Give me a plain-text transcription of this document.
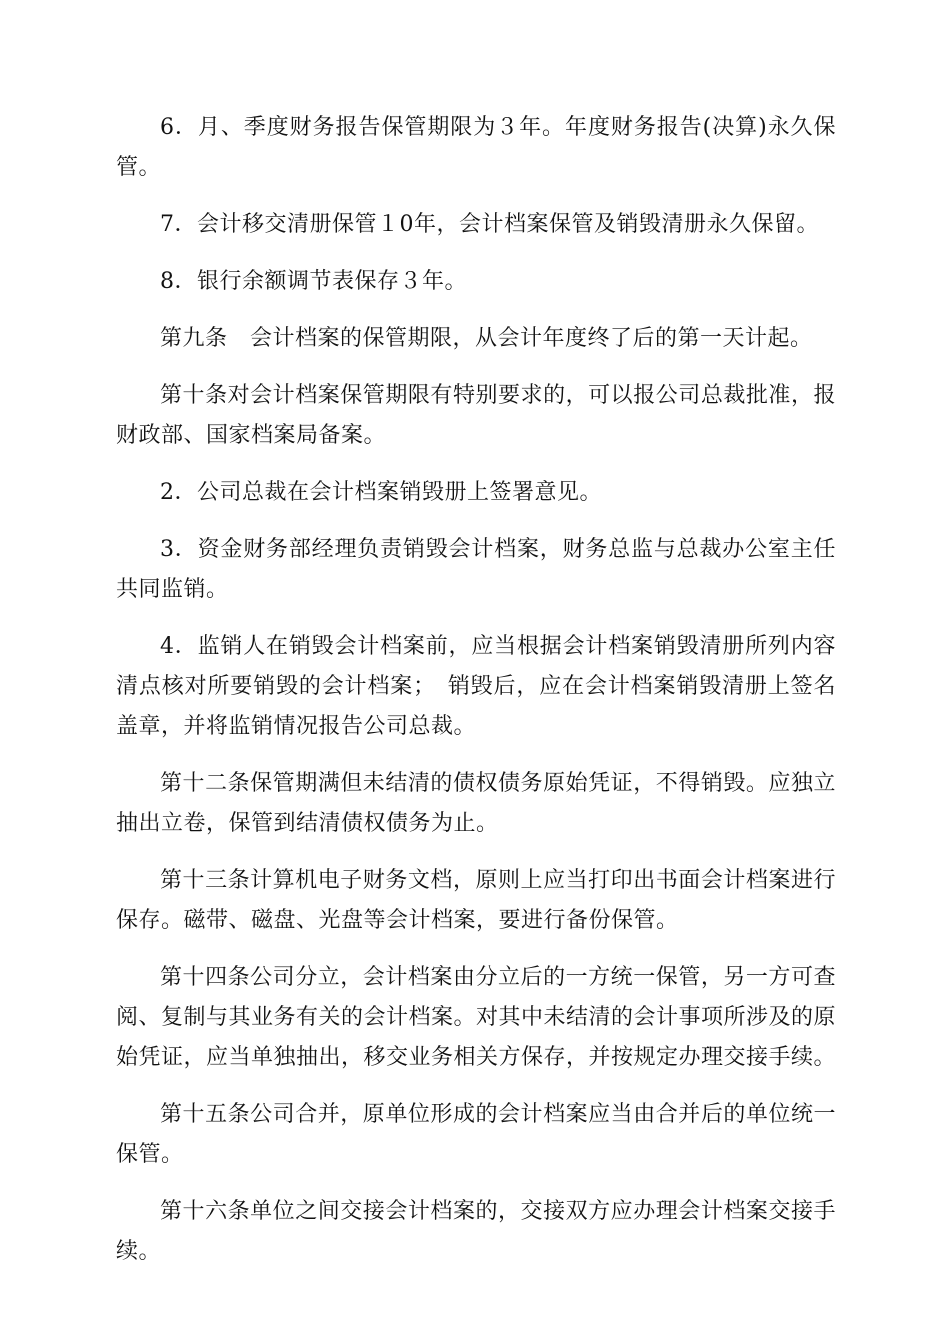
6．月、季度财务报告保管期限为３年。年度财务报告(决算)永久保管。

7．会计移交清册保管１0年，会计档案保管及销毁清册永久保留。

8．银行余额调节表保存３年。

第九条　会计档案的保管期限，从会计年度终了后的第一天计起。

第十条对会计档案保管期限有特别要求的，可以报公司总裁批准，报财政部、国家档案局备案。

2．公司总裁在会计档案销毁册上签署意见。

3．资金财务部经理负责销毁会计档案，财务总监与总裁办公室主任共同监销。

4．监销人在销毁会计档案前，应当根据会计档案销毁清册所列内容清点核对所要销毁的会计档案；　销毁后，应在会计档案销毁清册上签名盖章，并将监销情况报告公司总裁。

第十二条保管期满但未结清的债权债务原始凭证，不得销毁。应独立抽出立卷，保管到结清债权债务为止。

第十三条计算机电子财务文档，原则上应当打印出书面会计档案进行保存。磁带、磁盘、光盘等会计档案，要进行备份保管。

第十四条公司分立，会计档案由分立后的一方统一保管，另一方可查阅、复制与其业务有关的会计档案。对其中未结清的会计事项所涉及的原始凭证，应当单独抽出，移交业务相关方保存，并按规定办理交接手续。

第十五条公司合并，原单位形成的会计档案应当由合并后的单位统一保管。

第十六条单位之间交接会计档案的，交接双方应办理会计档案交接手续。
